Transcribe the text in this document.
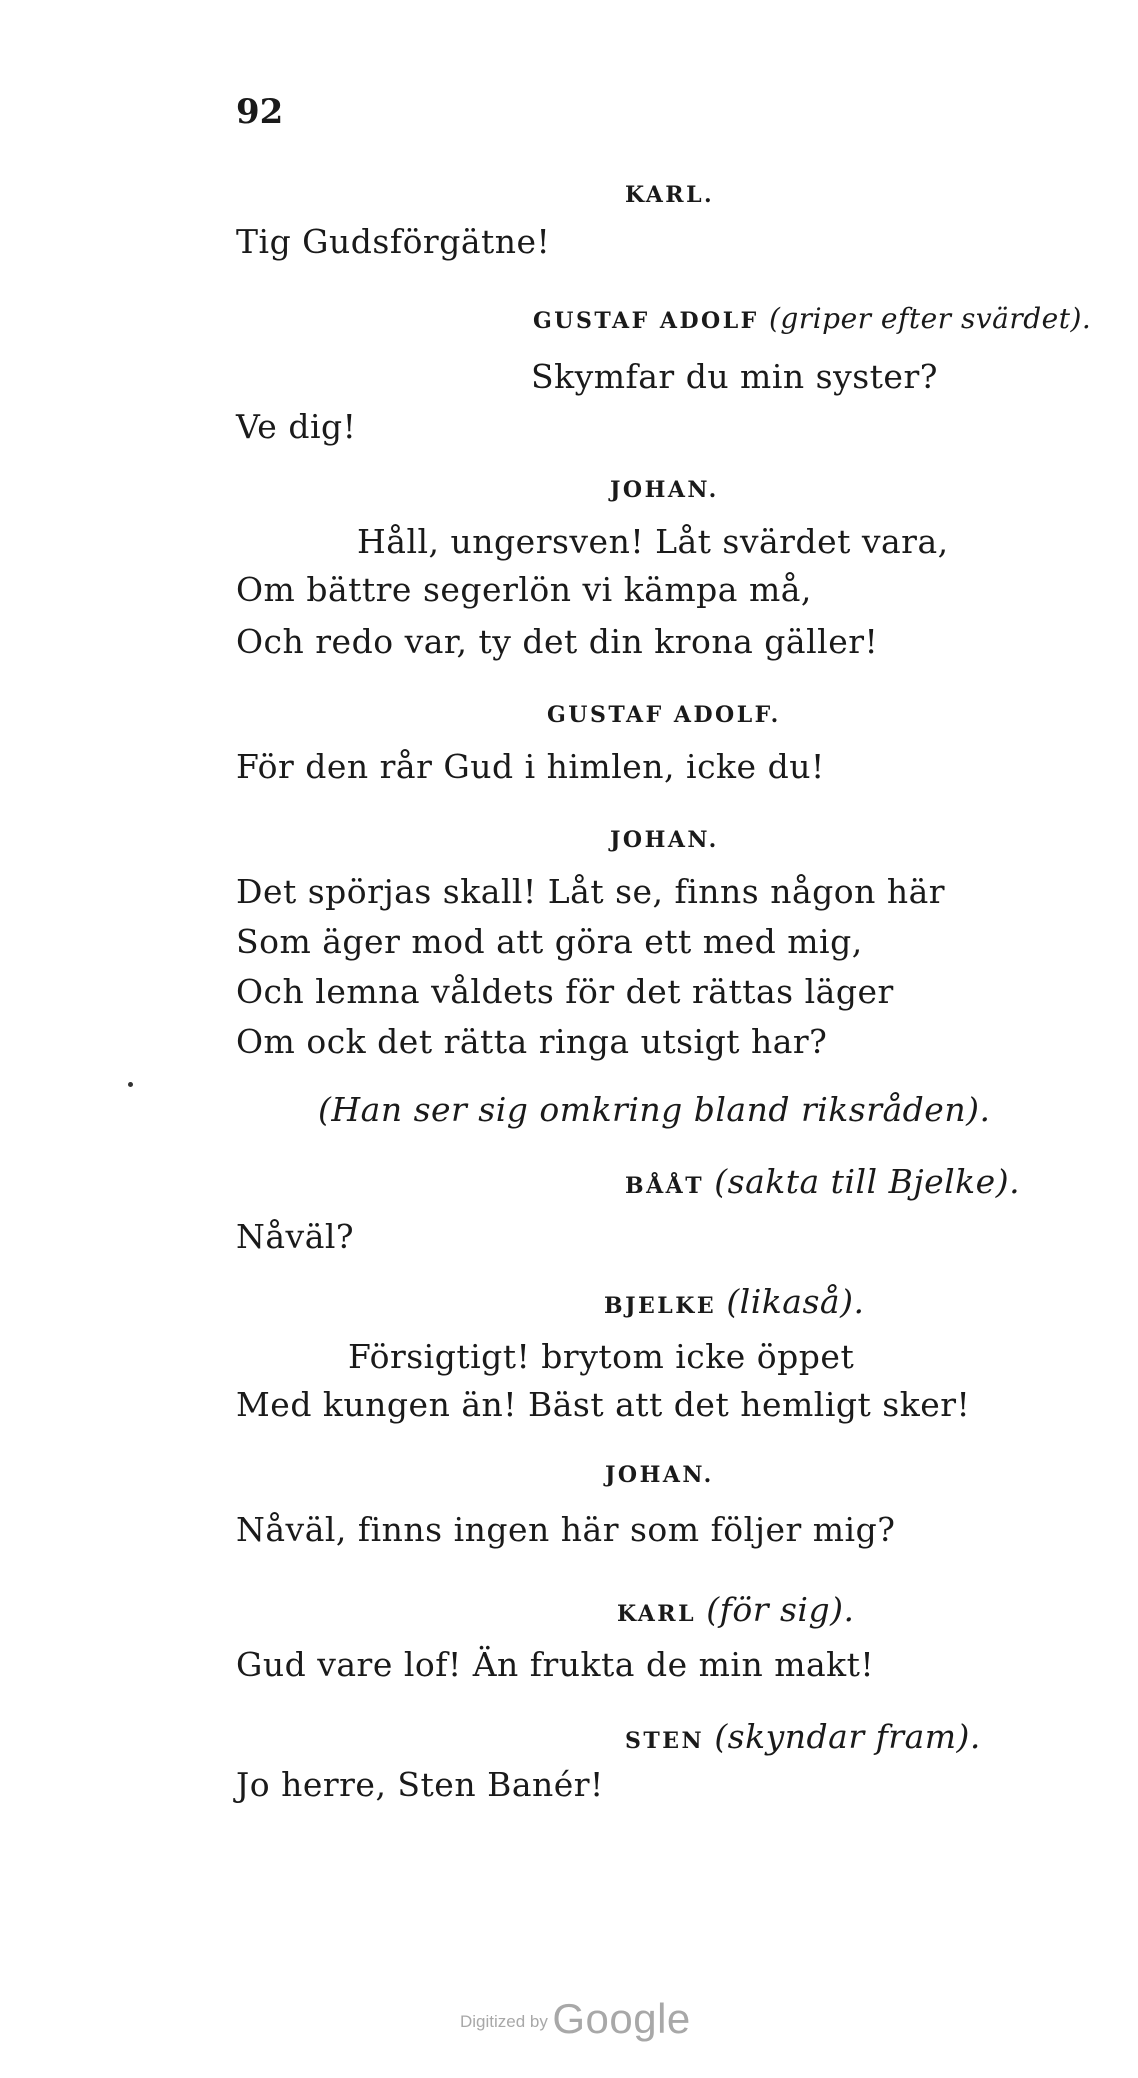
92
KARL.
Tig Gudsförgätne!
GUSTAF ADOLF (griper efter svärdet).
Skymfar du min syster?
Ve dig!
JOHAN.
Håll, ungersven! Låt svärdet vara,
Om bättre segerlön vi kämpa må,
Och redo var, ty det din krona gäller!
GUSTAF ADOLF.
För den rår Gud i himlen, icke du!
JOHAN.
Det spörjas skall! Låt se, finns någon här
Som äger mod att göra ett med mig,
Och lemna våldets för det rättas läger
Om ock det rätta ringa utsigt har?
(Han ser sig omkring bland riksråden).
BÅÅT (sakta till Bjelke).
Nåväl?
BJELKE (likaså).
Försigtigt! brytom icke öppet
Med kungen än! Bäst att det hemligt sker!
JOHAN.
Nåväl, finns ingen här som följer mig?
KARL (för sig).
Gud vare lof! Än frukta de min makt!
STEN (skyndar fram).
Jo herre, Sten Banér!
Digitized by Google
